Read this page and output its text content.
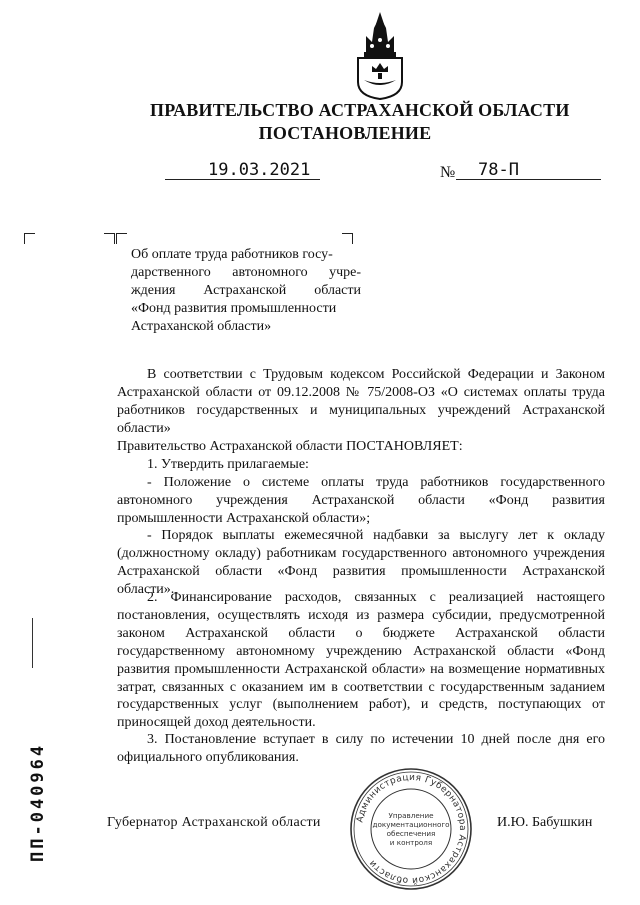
ПРАВИТЕЛЬСТВО АСТРАХАНСКОЙ ОБЛАСТИ
ПОСТАНОВЛЕНИЕ
19.03.2021	№ 78-П
Об оплате труда работников госу-
дарственного автономного учре-
ждения Астраханской области
«Фонд развития промышленности
Астраханской области»
В соответствии с Трудовым кодексом Российской Федерации и Законом Астраханской области от 09.12.2008 № 75/2008-ОЗ «О системах оплаты труда работников государственных и муниципальных учреждений Астраханской области»
Правительство Астраханской области ПОСТАНОВЛЯЕТ:
1. Утвердить прилагаемые:
- Положение о системе оплаты труда работников государственного автономного учреждения Астраханской области «Фонд развития промышленности Астраханской области»;
- Порядок выплаты ежемесячной надбавки за выслугу лет к окладу (должностному окладу) работникам государственного автономного учреждения Астраханской области «Фонд развития промышленности Астраханской области».
2. Финансирование расходов, связанных с реализацией настоящего постановления, осуществлять исходя из размера субсидии, предусмотренной законом Астраханской области о бюджете Астраханской области государственному автономному учреждению Астраханской области «Фонд развития промышленности Астраханской области» на возмещение нормативных затрат, связанных с оказанием им в соответствии с государственным заданием государственных услуг (выполнением работ), и средств, поступающих от приносящей доход деятельности.
3. Постановление вступает в силу по истечении 10 дней после дня его официального опубликования.
Губернатор Астраханской области	И.Ю. Бабушкин
Администрация Губернатора Астраханской области
Управление
документационного
обеспечения
и контроля
ПП-040964
